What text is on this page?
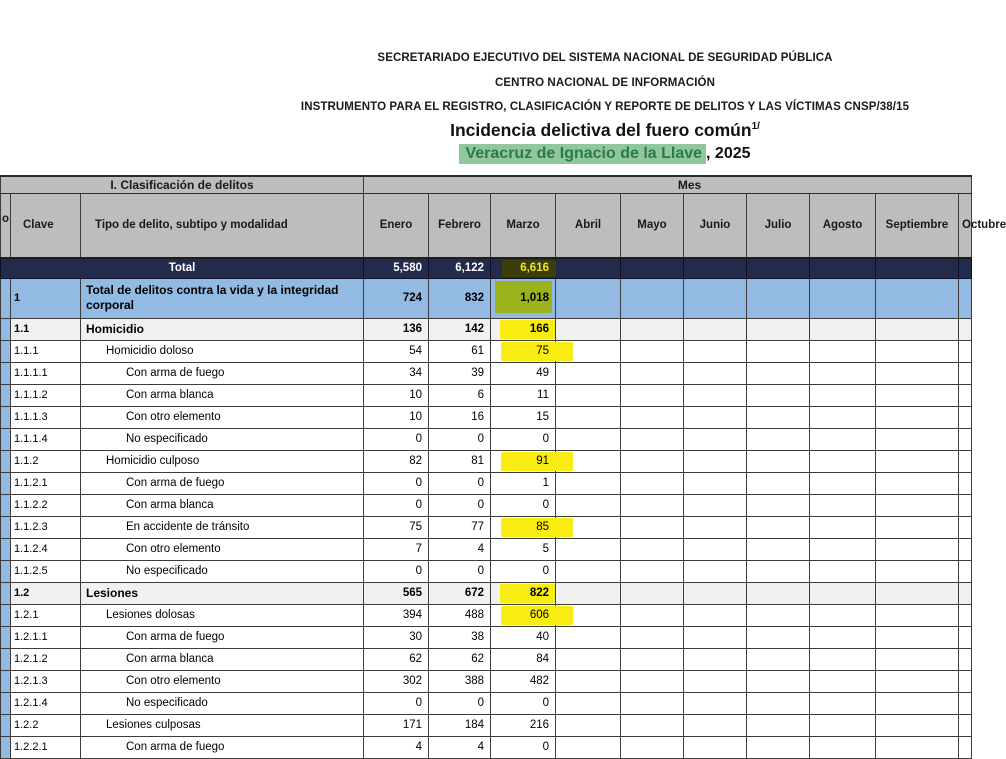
SECRETARIADO EJECUTIVO DEL SISTEMA NACIONAL DE SEGURIDAD PÚBLICA
CENTRO NACIONAL DE INFORMACIÓN
INSTRUMENTO PARA EL REGISTRO, CLASIFICACIÓN Y REPORTE DE DELITOS Y LAS VÍCTIMAS CNSP/38/15
Incidencia delictiva del fuero común$^{1/}$
Veracruz de Ignacio de la Llave , 2025
I. Clasificación de delitos			Mes									
o	Clave	Tipo de delito, subtipo y modalidad	Enero	Febrero	Marzo	Abril	Mayo	Junio	Julio	Agosto	Septiembre	Octubre
Total			5,580	6,122	6,616							
	1	Total de delitos contra la vida y la integridad corporal	724	832	1,018							
	1.1	Homicidio	136	142	166							
	1.1.1	Homicidio doloso	54	61	75							
	1.1.1.1	Con arma de fuego	34	39	49							
	1.1.1.2	Con arma blanca	10	6	11							
	1.1.1.3	Con otro elemento	10	16	15							
	1.1.1.4	No especificado	0	0	0							
	1.1.2	Homicidio culposo	82	81	91							
	1.1.2.1	Con arma de fuego	0	0	1							
	1.1.2.2	Con arma blanca	0	0	0							
	1.1.2.3	En accidente de tránsito	75	77	85							
	1.1.2.4	Con otro elemento	7	4	5							
	1.1.2.5	No especificado	0	0	0							
	1.2	Lesiones	565	672	822							
	1.2.1	Lesiones dolosas	394	488	606							
	1.2.1.1	Con arma de fuego	30	38	40							
	1.2.1.2	Con arma blanca	62	62	84							
	1.2.1.3	Con otro elemento	302	388	482							
	1.2.1.4	No especificado	0	0	0							
	1.2.2	Lesiones culposas	171	184	216							
	1.2.2.1	Con arma de fuego	4	4	0							
